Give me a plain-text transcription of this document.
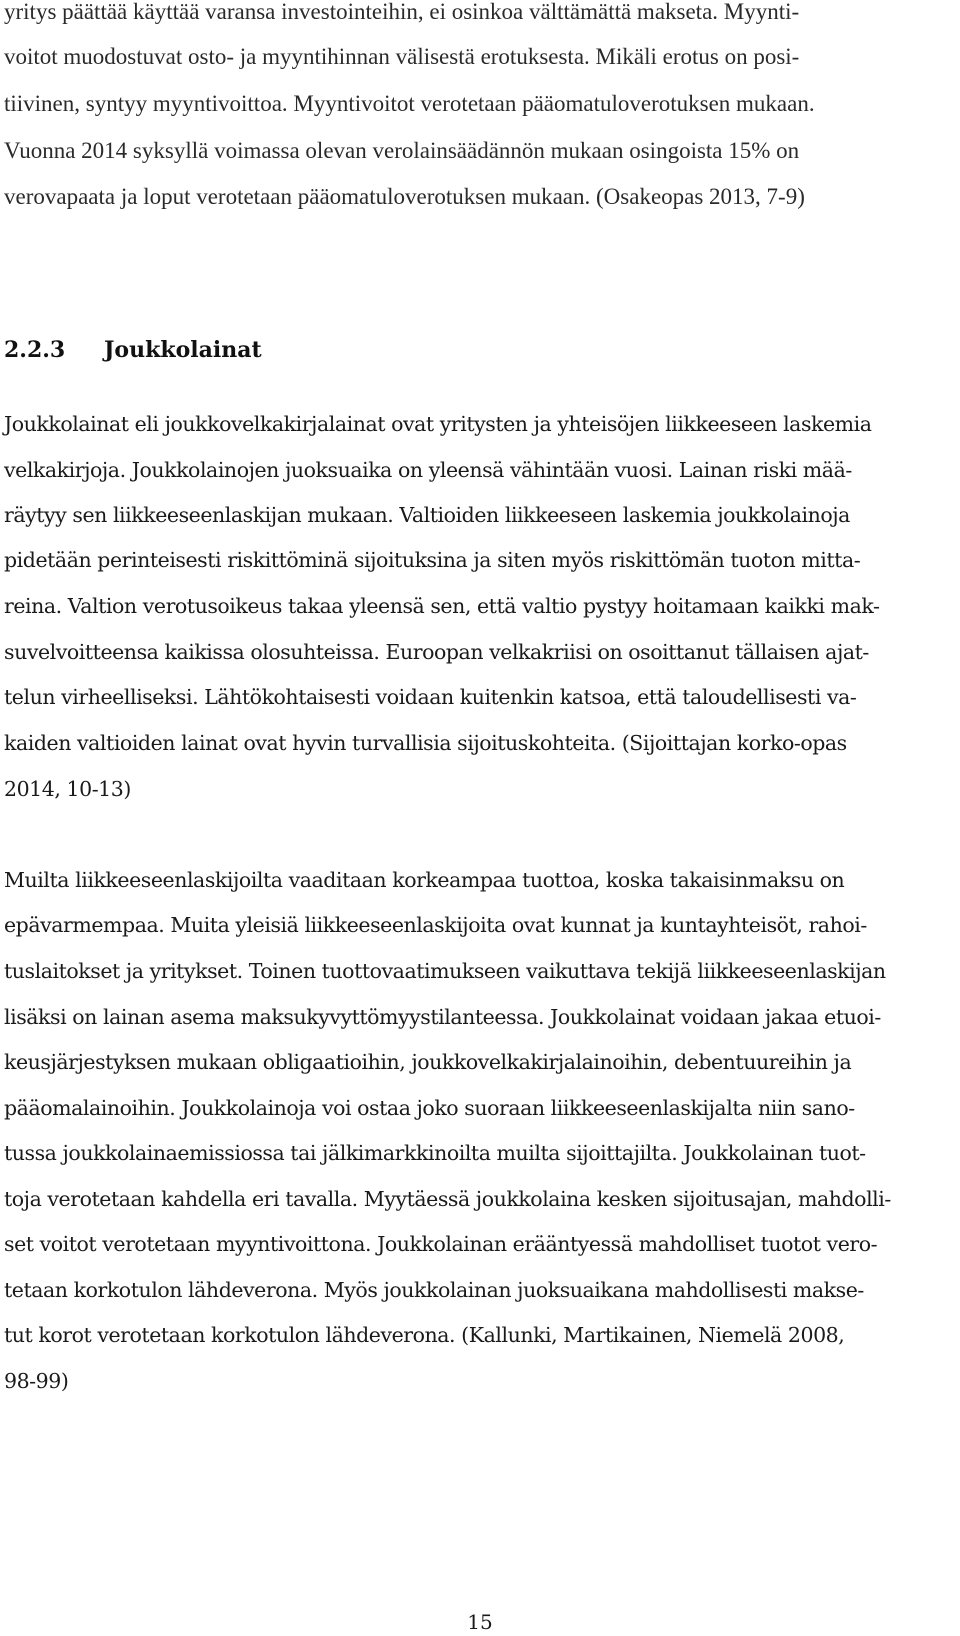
yritys päättää käyttää varansa investointeihin, ei osinkoa välttämättä makseta. Myynti-
voitot muodostuvat osto- ja myyntihinnan välisestä erotuksesta. Mikäli erotus on posi-
tiivinen, syntyy myyntivoittoa. Myyntivoitot verotetaan pääomatuloverotuksen mukaan.
Vuonna 2014 syksyllä voimassa olevan verolainsäädännön mukaan osingoista 15% on
verovapaata ja loput verotetaan pääomatuloverotuksen mukaan. (Osakeopas 2013, 7-9)
2.2.3 Joukkolainat
Joukkolainat eli joukkovelkakirjalainat ovat yritysten ja yhteisöjen liikkeeseen laskemia
velkakirjoja. Joukkolainojen juoksuaika on yleensä vähintään vuosi. Lainan riski mää-
räytyy sen liikkeeseenlaskijan mukaan. Valtioiden liikkeeseen laskemia joukkolainoja
pidetään perinteisesti riskittöminä sijoituksina ja siten myös riskittömän tuoton mitta-
reina. Valtion verotusoikeus takaa yleensä sen, että valtio pystyy hoitamaan kaikki mak-
suvelvoitteensa kaikissa olosuhteissa. Euroopan velkakriisi on osoittanut tällaisen ajat-
telun virheelliseksi. Lähtökohtaisesti voidaan kuitenkin katsoa, että taloudellisesti va-
kaiden valtioiden lainat ovat hyvin turvallisia sijoituskohteita. (Sijoittajan korko-opas
2014, 10-13)
Muilta liikkeeseenlaskijoilta vaaditaan korkeampaa tuottoa, koska takaisinmaksu on
epävarmempaa. Muita yleisiä liikkeeseenlaskijoita ovat kunnat ja kuntayhteisöt, rahoi-
tuslaitokset ja yritykset. Toinen tuottovaatimukseen vaikuttava tekijä liikkeeseenlaskijan
lisäksi on lainan asema maksukyvyttömyystilanteessa. Joukkolainat voidaan jakaa etuoi-
keusjärjestyksen mukaan obligaatioihin, joukkovelkakirjalainoihin, debentuureihin ja
pääomalainoihin. Joukkolainoja voi ostaa joko suoraan liikkeeseenlaskijalta niin sano-
tussa joukkolainaemissiossa tai jälkimarkkinoilta muilta sijoittajilta. Joukkolainan tuot-
toja verotetaan kahdella eri tavalla. Myytäessä joukkolaina kesken sijoitusajan, mahdolli-
set voitot verotetaan myyntivoittona. Joukkolainan erääntyessä mahdolliset tuotot vero-
tetaan korkotulon lähdeverona. Myös joukkolainan juoksuaikana mahdollisesti makse-
tut korot verotetaan korkotulon lähdeverona. (Kallunki, Martikainen, Niemelä 2008,
98-99)
15
